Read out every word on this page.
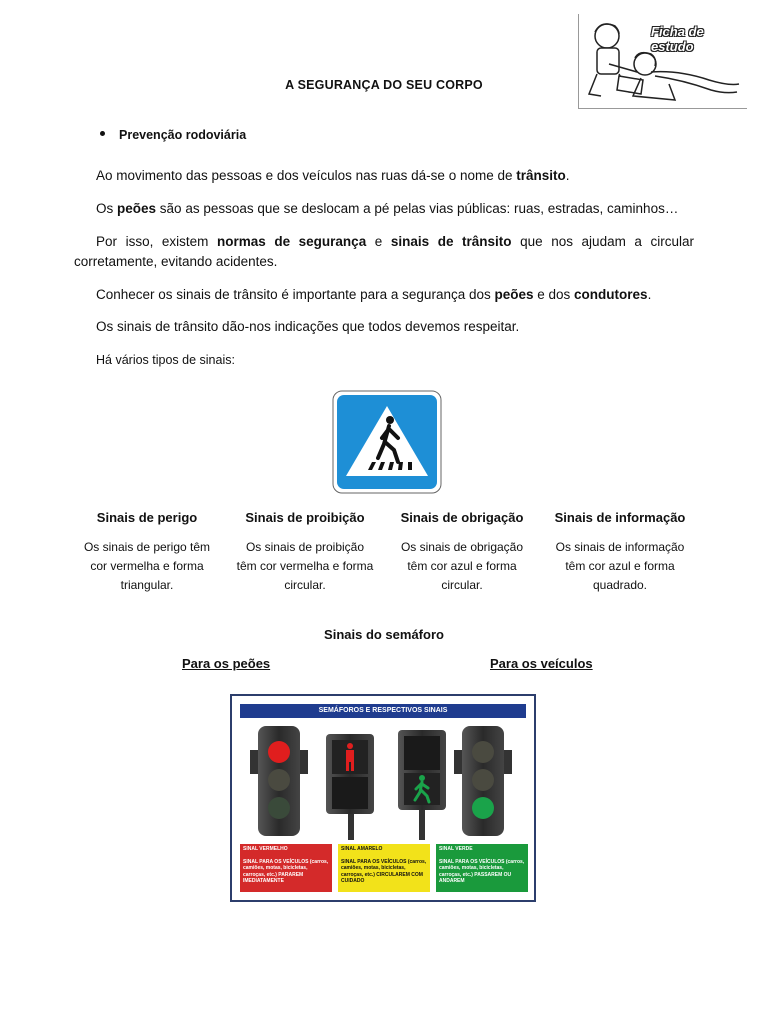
Ficha de estudo
A SEGURANÇA DO SEU CORPO
Prevenção rodoviária
Ao movimento das pessoas e dos veículos nas ruas dá-se o nome de trânsito.
Os peões são as pessoas que se deslocam a pé pelas vias públicas: ruas, estradas, caminhos…
Por isso, existem normas de segurança e sinais de trânsito que nos ajudam a circular corretamente, evitando acidentes.
Conhecer os sinais de trânsito é importante para a segurança dos peões e dos condutores.
Os sinais de trânsito dão-nos indicações que todos devemos respeitar.
Há vários tipos de sinais:
Sinais de perigo	Sinais de proibição	Sinais de obrigação	Sinais de informação
Os sinais de perigo têm cor vermelha e forma triangular.
Os sinais de proibição têm cor vermelha e forma circular.
Os sinais de obrigação têm cor azul e forma circular.
Os sinais de informação têm cor azul e forma quadrado.
Sinais do semáforo
Para os peões	Para os veículos
SEMÁFOROS E RESPECTIVOS SINAIS
SINAL VERMELHO
SINAL PARA OS VEÍCULOS (carros, camiões, motas, bicicletas, carroças, etc.) PARAREM IMEDIATAMENTE
SINAL AMARELO
SINAL PARA OS VEÍCULOS (carros, camiões, motas, bicicletas, carroças, etc.) CIRCULAREM COM CUIDADO
SINAL VERDE
SINAL PARA OS VEÍCULOS (carros, camiões, motas, bicicletas, carroças, etc.) PASSAREM OU ANDAREM
